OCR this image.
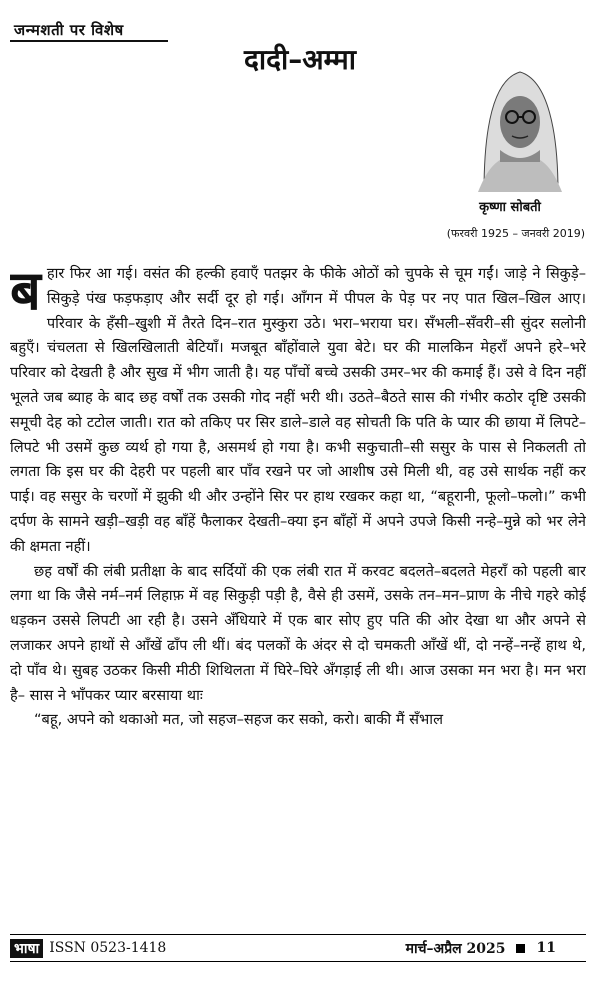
जन्मशती पर विशेष
दादी–अम्मा
कृष्णा सोबती
(फरवरी 1925 – जनवरी 2019)

बहार फिर आ गई। वसंत की हल्की हवाएँ पतझर के फीके ओठों को चुपके से चूम गईं। जाड़े ने सिकुड़े–सिकुड़े पंख फड़फड़ाए और सर्दी दूर हो गई। आँगन में पीपल के पेड़ पर नए पात खिल–खिल आए। परिवार के हँसी–खुशी में तैरते दिन–रात मुस्कुरा उठे। भरा–भराया घर। सँभली–सँवरी–सी सुंदर सलोनी बहुएँ। चंचलता से खिलखिलाती बेटियाँ। मजबूत बाँहोंवाले युवा बेटे। घर की मालकिन मेहराँ अपने हरे–भरे परिवार को देखती है और सुख में भीग जाती है। यह पाँचों बच्चे उसकी उमर–भर की कमाई हैं। उसे वे दिन नहीं भूलते जब ब्याह के बाद छह वर्षों तक उसकी गोद नहीं भरी थी। उठते–बैठते सास की गंभीर कठोर दृष्टि उसकी समूची देह को टटोल जाती। रात को तकिए पर सिर डाले–डाले वह सोचती कि पति के प्यार की छाया में लिपटे–लिपटे भी उसमें कुछ व्यर्थ हो गया है, असमर्थ हो गया है। कभी सकुचाती–सी ससुर के पास से निकलती तो लगता कि इस घर की देहरी पर पहली बार पाँव रखने पर जो आशीष उसे मिली थी, वह उसे सार्थक नहीं कर पाई। वह ससुर के चरणों में झुकी थी और उन्होंने सिर पर हाथ रखकर कहा था, “बहूरानी, फूलो–फलो।” कभी दर्पण के सामने खड़ी–खड़ी वह बाँहें फैलाकर देखती–क्या इन बाँहों में अपने उपजे किसी नन्हे–मुन्ने को भर लेने की क्षमता नहीं।

छह वर्षों की लंबी प्रतीक्षा के बाद सर्दियों की एक लंबी रात में करवट बदलते–बदलते मेहराँ को पहली बार लगा था कि जैसे नर्म–नर्म लिहाफ़ में वह सिकुड़ी पड़ी है, वैसे ही उसमें, उसके तन–मन–प्राण के नीचे गहरे कोई धड़कन उससे लिपटी आ रही है। उसने अँधियारे में एक बार सोए हुए पति की ओर देखा था और अपने से लजाकर अपने हाथों से आँखें ढाँप ली थीं। बंद पलकों के अंदर से दो चमकती आँखें थीं, दो नन्हें–नन्हें हाथ थे, दो पाँव थे। सुबह उठकर किसी मीठी शिथिलता में घिरे–घिरे अँगड़ाई ली थी। आज उसका मन भरा है। मन भरा है– सास ने भाँपकर प्यार बरसाया थाः

“बहू, अपने को थकाओ मत, जो सहज–सहज कर सको, करो। बाकी मैं सँभाल

भाषा ISSN 0523-1418	मार्च–अप्रैल 2025 11
